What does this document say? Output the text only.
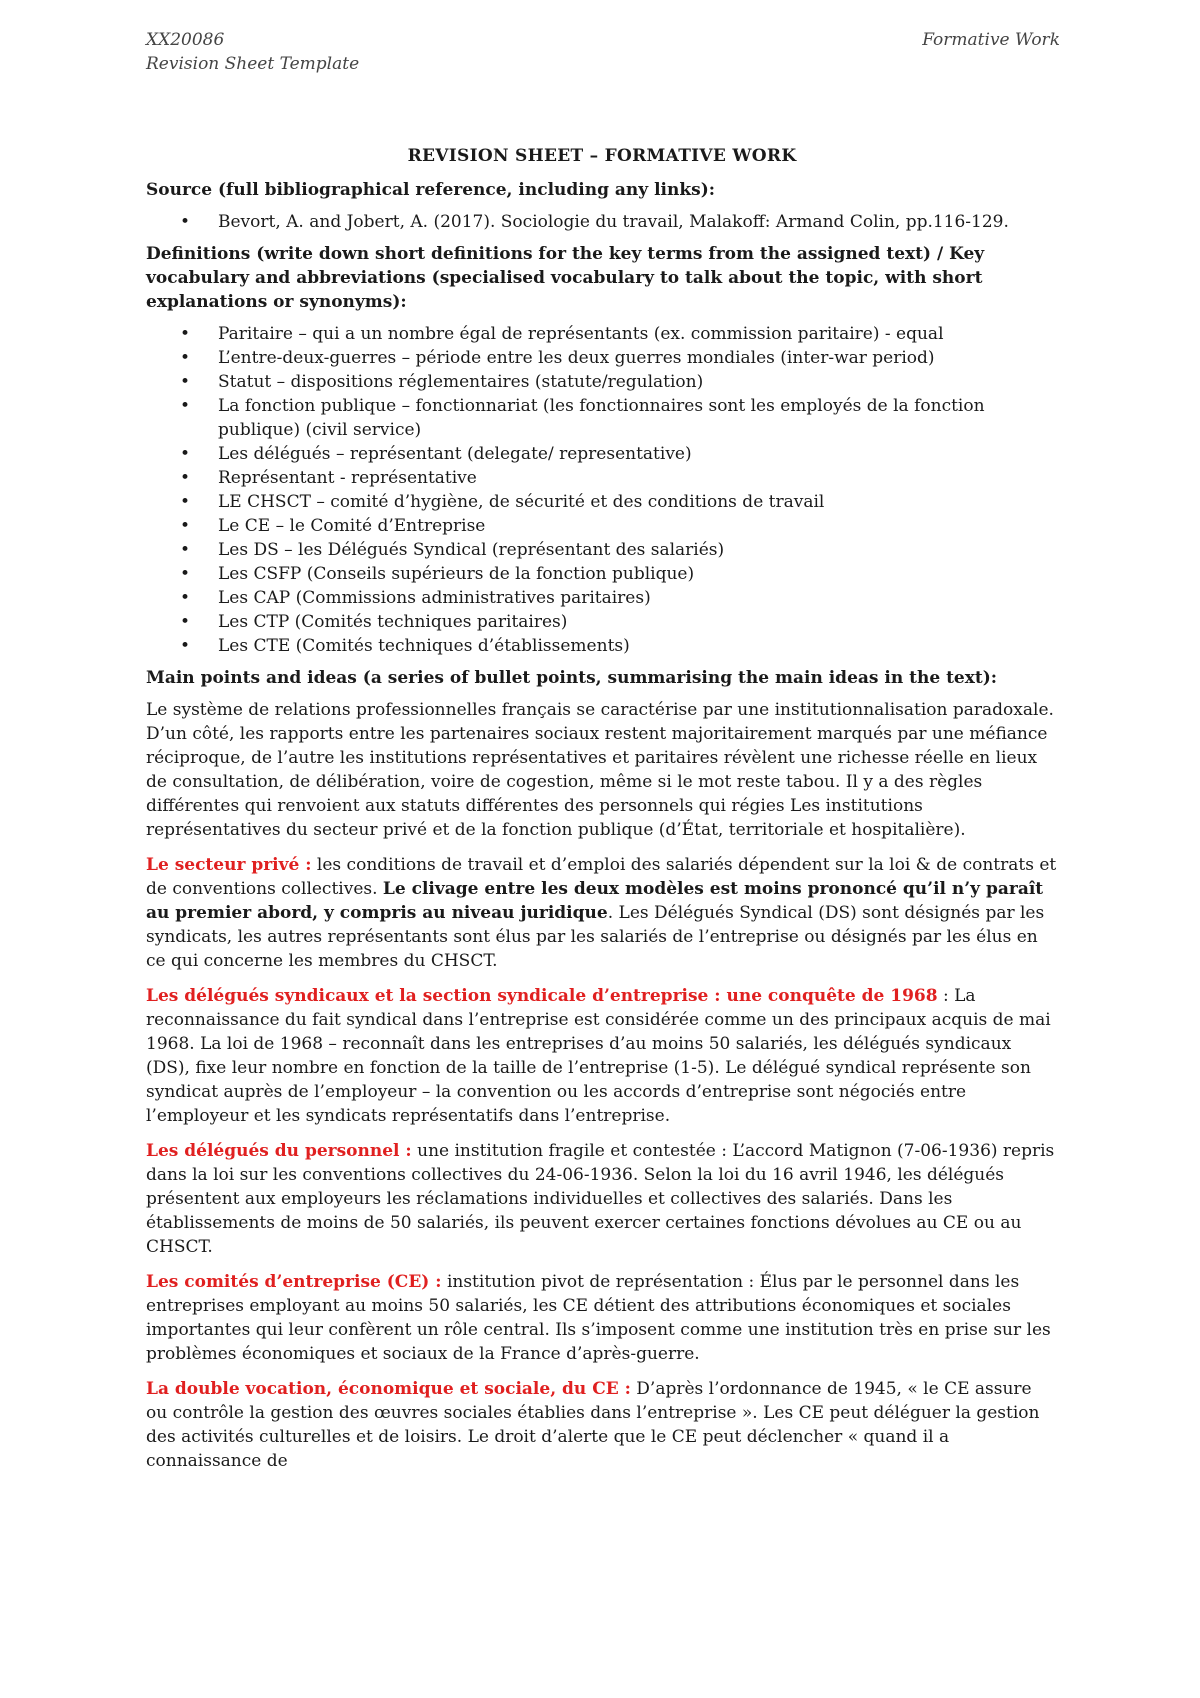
XX20086
Revision Sheet Template
Formative Work
REVISION SHEET – FORMATIVE WORK
Source (full bibliographical reference, including any links):
• Bevort, A. and Jobert, A. (2017). Sociologie du travail, Malakoff: Armand Colin, pp.116-129.
Definitions (write down short definitions for the key terms from the assigned text) / Key vocabulary and abbreviations (specialised vocabulary to talk about the topic, with short explanations or synonyms):
• Paritaire – qui a un nombre égal de représentants (ex. commission paritaire) - equal
• L’entre-deux-guerres – période entre les deux guerres mondiales (inter-war period)
• Statut – dispositions réglementaires (statute/regulation)
• La fonction publique – fonctionnariat (les fonctionnaires sont les employés de la fonction publique) (civil service)
• Les délégués – représentant (delegate/ representative)
• Représentant - représentative
• LE CHSCT – comité d’hygiène, de sécurité et des conditions de travail
• Le CE – le Comité d’Entreprise
• Les DS – les Délégués Syndical (représentant des salariés)
• Les CSFP (Conseils supérieurs de la fonction publique)
• Les CAP (Commissions administratives paritaires)
• Les CTP (Comités techniques paritaires)
• Les CTE (Comités techniques d’établissements)
Main points and ideas (a series of bullet points, summarising the main ideas in the text):

Le système de relations professionnelles français se caractérise par une institutionnalisation paradoxale. D’un côté, les rapports entre les partenaires sociaux restent majoritairement marqués par une méfiance réciproque, de l’autre les institutions représentatives et paritaires révèlent une richesse réelle en lieux de consultation, de délibération, voire de cogestion, même si le mot reste tabou. Il y a des règles différentes qui renvoient aux statuts différentes des personnels qui régies Les institutions représentatives du secteur privé et de la fonction publique (d’État, territoriale et hospitalière).

Le secteur privé : les conditions de travail et d’emploi des salariés dépendent sur la loi & de contrats et de conventions collectives. Le clivage entre les deux modèles est moins prononcé qu’il n’y paraît au premier abord, y compris au niveau juridique. Les Délégués Syndical (DS) sont désignés par les syndicats, les autres représentants sont élus par les salariés de l’entreprise ou désignés par les élus en ce qui concerne les membres du CHSCT.

Les délégués syndicaux et la section syndicale d’entreprise : une conquête de 1968 : La reconnaissance du fait syndical dans l’entreprise est considérée comme un des principaux acquis de mai 1968. La loi de 1968 – reconnaît dans les entreprises d’au moins 50 salariés, les délégués syndicaux (DS), fixe leur nombre en fonction de la taille de l’entreprise (1-5). Le délégué syndical représente son syndicat auprès de l’employeur – la convention ou les accords d’entreprise sont négociés entre l’employeur et les syndicats représentatifs dans l’entreprise.

Les délégués du personnel : une institution fragile et contestée : L’accord Matignon (7-06-1936) repris dans la loi sur les conventions collectives du 24-06-1936. Selon la loi du 16 avril 1946, les délégués présentent aux employeurs les réclamations individuelles et collectives des salariés. Dans les établissements de moins de 50 salariés, ils peuvent exercer certaines fonctions dévolues au CE ou au CHSCT.

Les comités d’entreprise (CE) : institution pivot de représentation : Élus par le personnel dans les entreprises employant au moins 50 salariés, les CE détient des attributions économiques et sociales importantes qui leur confèrent un rôle central. Ils s’imposent comme une institution très en prise sur les problèmes économiques et sociaux de la France d’après-guerre.

La double vocation, économique et sociale, du CE : D’après l’ordonnance de 1945, « le CE assure ou contrôle la gestion des œuvres sociales établies dans l’entreprise ». Les CE peut déléguer la gestion des activités culturelles et de loisirs. Le droit d’alerte que le CE peut déclencher « quand il a connaissance de
